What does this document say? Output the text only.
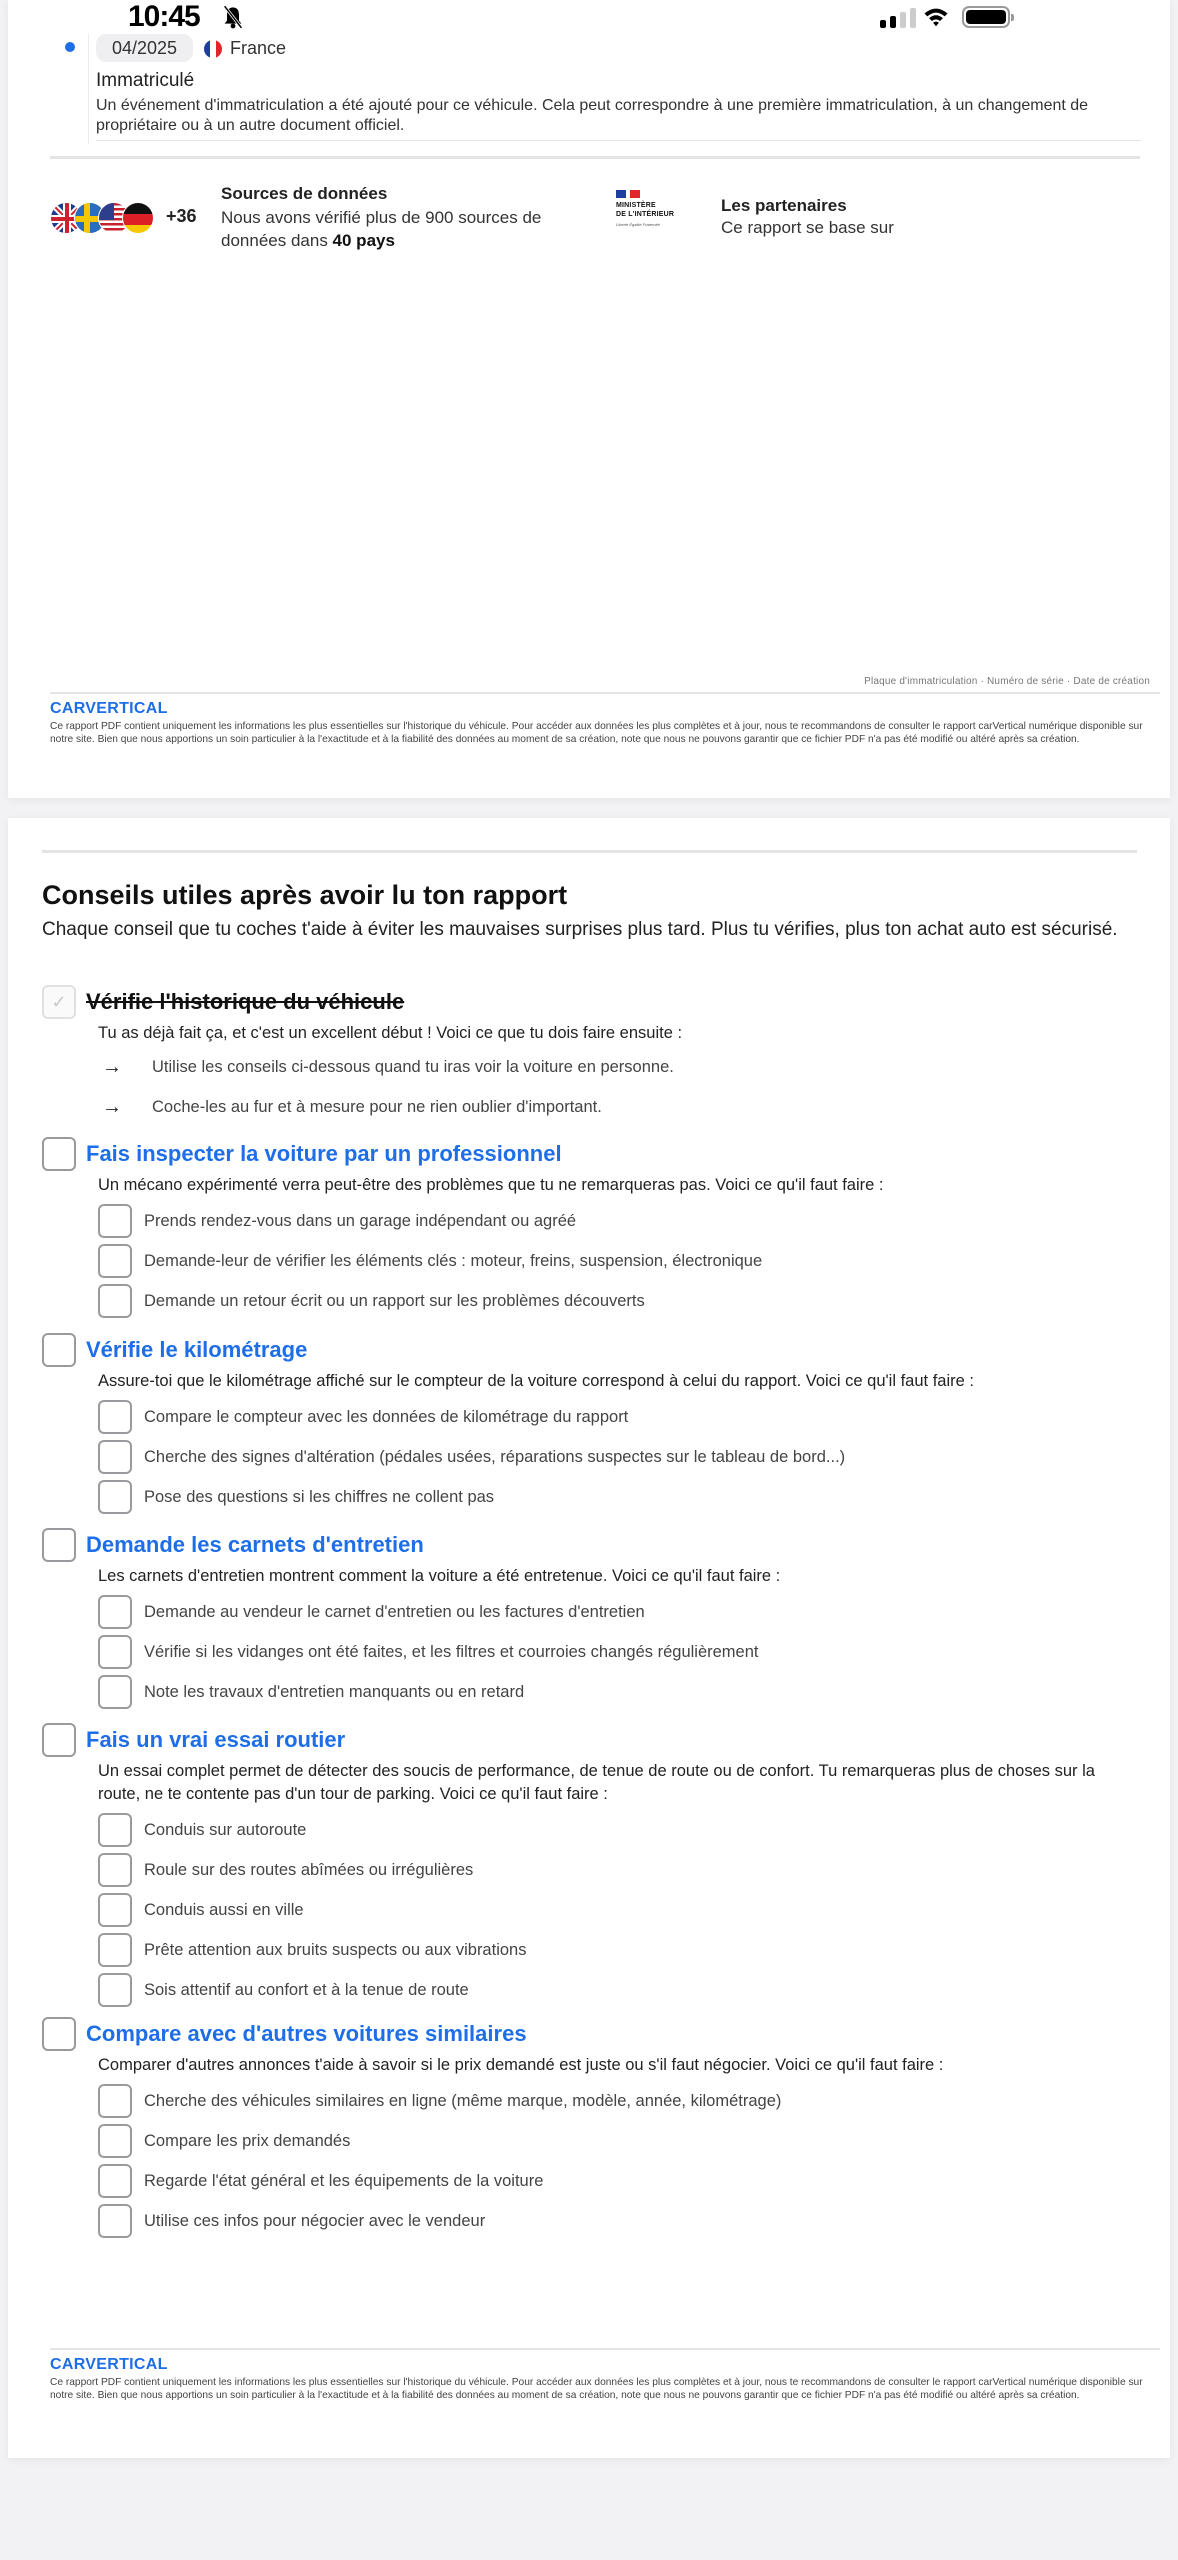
04/2025	France
Immatriculé
Un événement d'immatriculation a été ajouté pour ce véhicule. Cela peut correspondre à une première immatriculation, à un changement de propriétaire ou à un autre document officiel.
+36
Sources de données
Nous avons vérifié plus de 900 sources de données dans 40 pays
MINISTÈRE
DE L'INTÉRIEUR
Liberté Égalité Fraternité
Les partenaires
Ce rapport se base sur
Plaque d'immatriculation · Numéro de série · Date de création
CARVERTICAL
Ce rapport PDF contient uniquement les informations les plus essentielles sur l'historique du véhicule. Pour accéder aux données les plus complètes et à jour, nous te recommandons de consulter le rapport carVertical numérique disponible sur notre site. Bien que nous apportions un soin particulier à la l'exactitude et à la fiabilité des données au moment de sa création, note que nous ne pouvons garantir que ce fichier PDF n'a pas été modifié ou altéré après sa création.
Conseils utiles après avoir lu ton rapport
Chaque conseil que tu coches t'aide à éviter les mauvaises surprises plus tard. Plus tu vérifies, plus ton achat auto est sécurisé.
✓ Vérifie l'historique du véhicule
Tu as déjà fait ça, et c'est un excellent début ! Voici ce que tu dois faire ensuite :
→	Utilise les conseils ci-dessous quand tu iras voir la voiture en personne.
→	Coche-les au fur et à mesure pour ne rien oublier d'important.
Fais inspecter la voiture par un professionnel
Un mécano expérimenté verra peut-être des problèmes que tu ne remarqueras pas. Voici ce qu'il faut faire :
Prends rendez-vous dans un garage indépendant ou agréé
Demande-leur de vérifier les éléments clés : moteur, freins, suspension, électronique
Demande un retour écrit ou un rapport sur les problèmes découverts
Vérifie le kilométrage
Assure-toi que le kilométrage affiché sur le compteur de la voiture correspond à celui du rapport. Voici ce qu'il faut faire :
Compare le compteur avec les données de kilométrage du rapport
Cherche des signes d'altération (pédales usées, réparations suspectes sur le tableau de bord...)
Pose des questions si les chiffres ne collent pas
Demande les carnets d'entretien
Les carnets d'entretien montrent comment la voiture a été entretenue. Voici ce qu'il faut faire :
Demande au vendeur le carnet d'entretien ou les factures d'entretien
Vérifie si les vidanges ont été faites, et les filtres et courroies changés régulièrement
Note les travaux d'entretien manquants ou en retard
Fais un vrai essai routier
Un essai complet permet de détecter des soucis de performance, de tenue de route ou de confort. Tu remarqueras plus de choses sur la route, ne te contente pas d'un tour de parking. Voici ce qu'il faut faire :
Conduis sur autoroute
Roule sur des routes abîmées ou irrégulières
Conduis aussi en ville
Prête attention aux bruits suspects ou aux vibrations
Sois attentif au confort et à la tenue de route
Compare avec d'autres voitures similaires
Comparer d'autres annonces t'aide à savoir si le prix demandé est juste ou s'il faut négocier. Voici ce qu'il faut faire :
Cherche des véhicules similaires en ligne (même marque, modèle, année, kilométrage)
Compare les prix demandés
Regarde l'état général et les équipements de la voiture
Utilise ces infos pour négocier avec le vendeur
CARVERTICAL
Ce rapport PDF contient uniquement les informations les plus essentielles sur l'historique du véhicule. Pour accéder aux données les plus complètes et à jour, nous te recommandons de consulter le rapport carVertical numérique disponible sur notre site. Bien que nous apportions un soin particulier à la l'exactitude et à la fiabilité des données au moment de sa création, note que nous ne pouvons garantir que ce fichier PDF n'a pas été modifié ou altéré après sa création.
10:45
